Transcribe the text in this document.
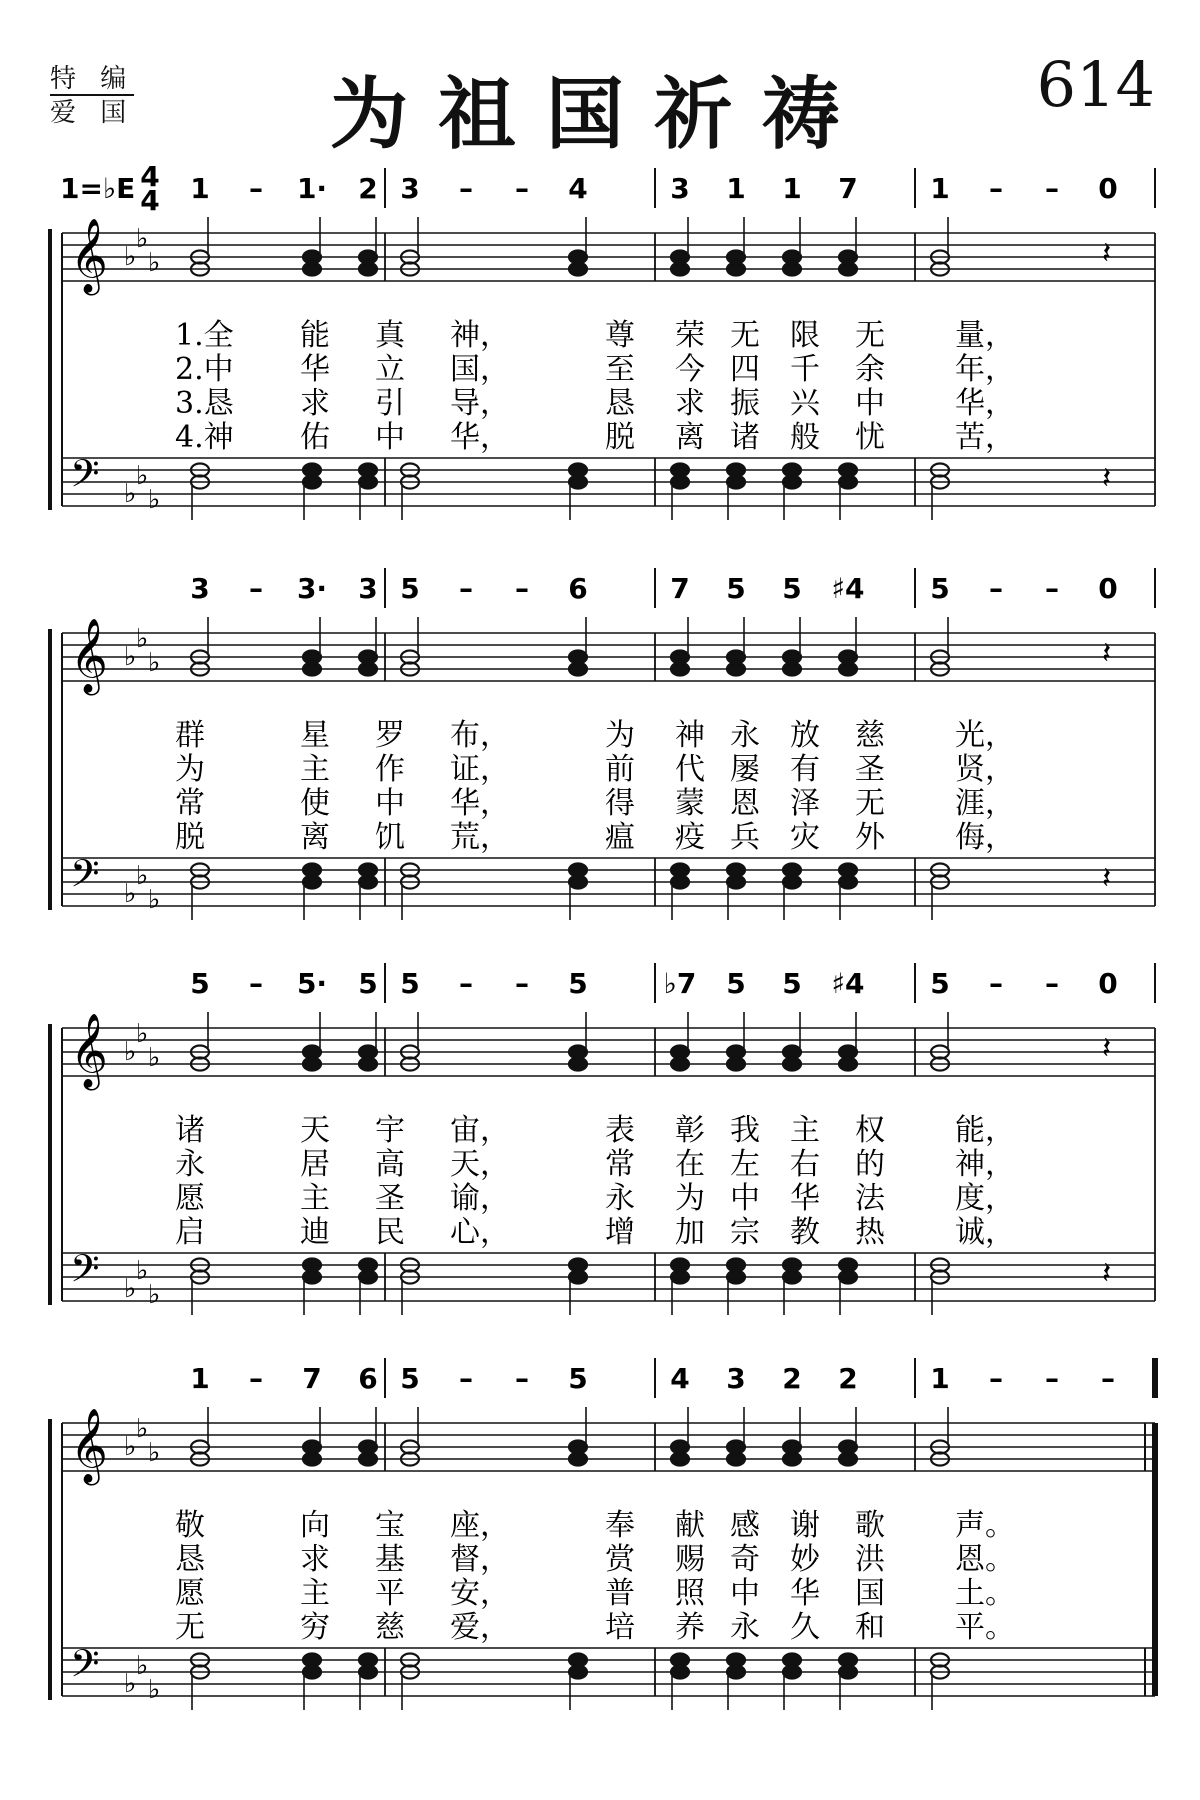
特 编
爱 国	为祖国祈祷	614
1=♭E 4
4 1 – 1· 2 3 – – 4	3 1 1 7	1 – – 0
𝄞
𝄢
♭
♭
♭
♭
♭
♭
𝄽
𝄽
1.全 能 真 神，	尊 荣 无 限 无 量，
2.中 华 立 国，	至 今 四 千 余 年，
3.恳 求 引 导，	恳 求 振 兴 中 华，
4.神 佑 中 华，	脱 离 诸 般 忧 苦，
3 – 3· 3 5 – – 6	7 5 5 ♯4 5 – – 0
𝄞
𝄢
♭
♭
♭
♭
♭
♭
𝄽
𝄽
群	星 罗 布，	为 神 永 放 慈 光，
为	主 作 证，	前 代 屡 有 圣 贤，
常	使 中 华，	得 蒙 恩 泽 无 涯，
脱	离 饥 荒，	瘟 疫 兵 灾 外 侮，
5 – 5· 5 5 – – 5	♭7 5 5 ♯4 5 – – 0
𝄞
𝄢
♭
♭
♭
♭
♭
♭
𝄽
𝄽
诸	天 宇 宙，	表 彰 我 主 权 能，
永	居 高 天，	常 在 左 右 的 神，
愿	主 圣 谕，	永 为 中 华 法 度，
启	迪 民 心，	增 加 宗 教 热 诚，
1 – 7 6 5 – – 5	4 3 2 2	1 – – –
𝄞
𝄢
♭
♭
♭
♭
♭
♭
敬	向 宝 座，	奉 献 感 谢 歌 声。
恳	求 基 督，	赏 赐 奇 妙 洪 恩。
愿	主 平 安，	普 照 中 华 国 土。
无	穷 慈 爱，	培 养 永 久 和 平。
